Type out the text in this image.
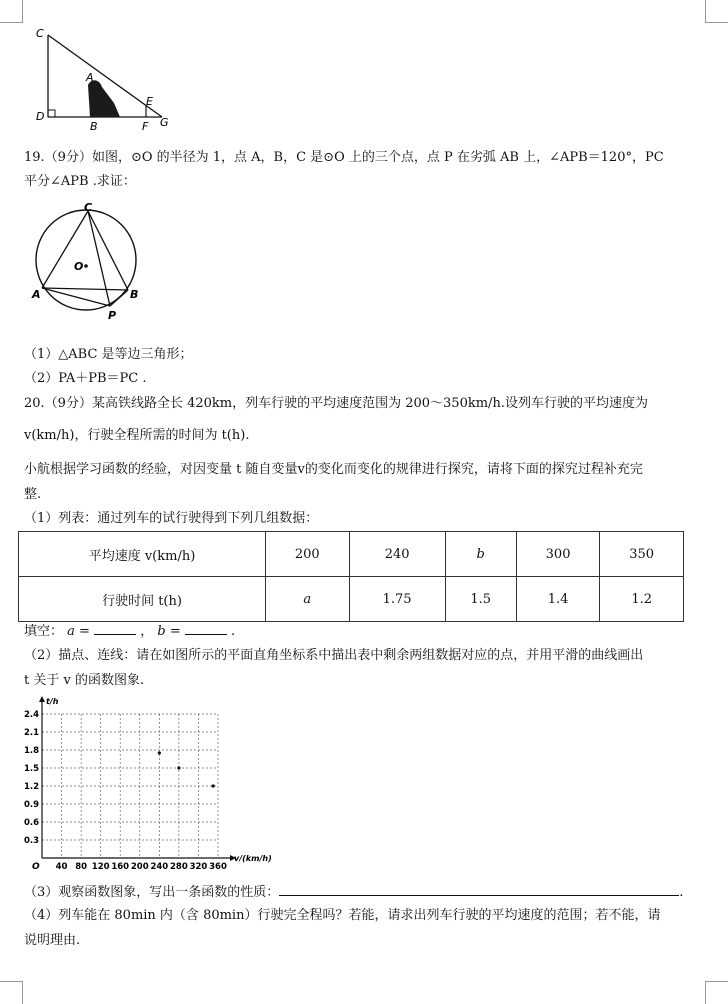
C
A
D
B
E
F G
19.（9分）如图，⊙O 的半径为 1，点 A，B，C 是⊙O 上的三个点，点 P 在劣弧 AB 上，∠APB＝120°，PC
平分∠APB .求证：
C
O
A	B
P
（1）△ABC 是等边三角形；
（2）PA＋PB＝PC .
20.（9分）某高铁线路全长 420km，列车行驶的平均速度范围为 200～350km/h.设列车行驶的平均速度为
v(km/h)，行驶全程所需的时间为 t(h).
小航根据学习函数的经验，对因变量 t 随自变量v的变化而变化的规律进行探究，请将下面的探究过程补充完
整.
（1）列表：通过列车的试行驶得到下列几组数据：
平均速度 v(km/h)	200	240	b	300	350
行驶时间 t(h)	a	1.75	1.5	1.4	1.2
填空： a =	， b =	.
（2）描点、连线：请在如图所示的平面直角坐标系中描出表中剩余两组数据对应的点，并用平滑的曲线画出
t 关于 v 的函数图象.
40 80 120 160 200 240 280 320 360
0.3
0.6
0.9
1.2
1.5
1.8
2.1
2.4
O
v/(km/h)
t/h
（3）观察函数图象，写出一条函数的性质：	.
（4）列车能在 80min 内（含 80min）行驶完全程吗？若能，请求出列车行驶的平均速度的范围；若不能，请
说明理由.
